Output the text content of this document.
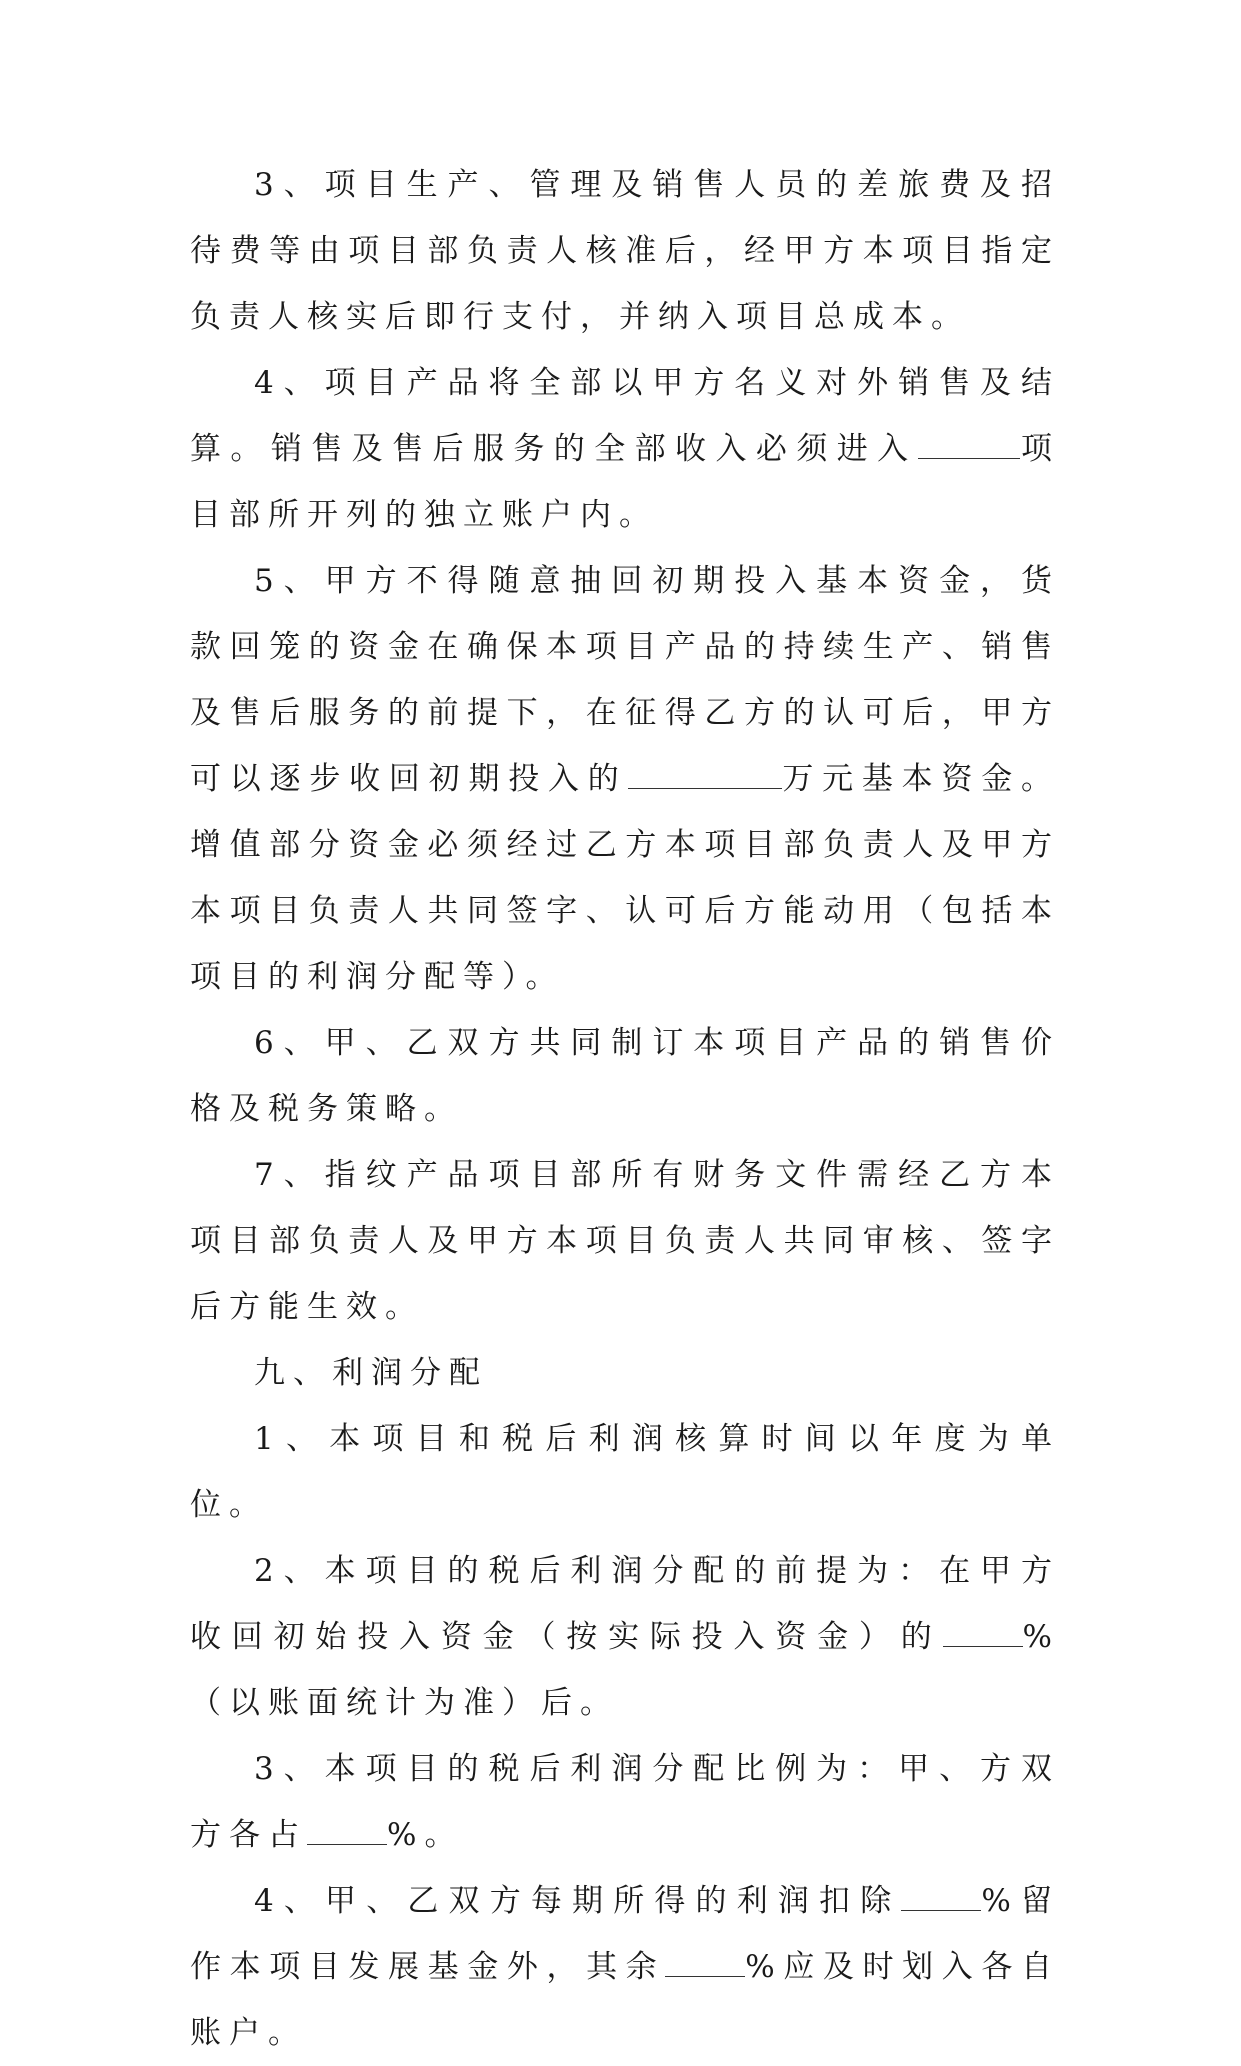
3、项目生产、管理及销售人员的差旅费及招待费等由项目部负责人核准后，经甲方本项目指定负责人核实后即行支付，并纳入项目总成本。

4、项目产品将全部以甲方名义对外销售及结算。销售及售后服务的全部收入必须进入	项目部所开列的独立账户内。

5、甲方不得随意抽回初期投入基本资金，货款回笼的资金在确保本项目产品的持续生产、销售及售后服务的前提下，在征得乙方的认可后，甲方可以逐步收回初期投入的	万元基本资金。增值部分资金必须经过乙方本项目部负责人及甲方本项目负责人共同签字、认可后方能动用（包括本项目的利润分配等）。

6、甲、乙双方共同制订本项目产品的销售价格及税务策略。

7、指纹产品项目部所有财务文件需经乙方本项目部负责人及甲方本项目负责人共同审核、签字后方能生效。

九、利润分配

1、本项目和税后利润核算时间以年度为单位。

2、本项目的税后利润分配的前提为：在甲方收回初始投入资金（按实际投入资金）的	%（以账面统计为准）后。

3、本项目的税后利润分配比例为：甲、方双方各占	%。

4、甲、乙双方每期所得的利润扣除	%留作本项目发展基金外，其余	%应及时划入各自账户。
